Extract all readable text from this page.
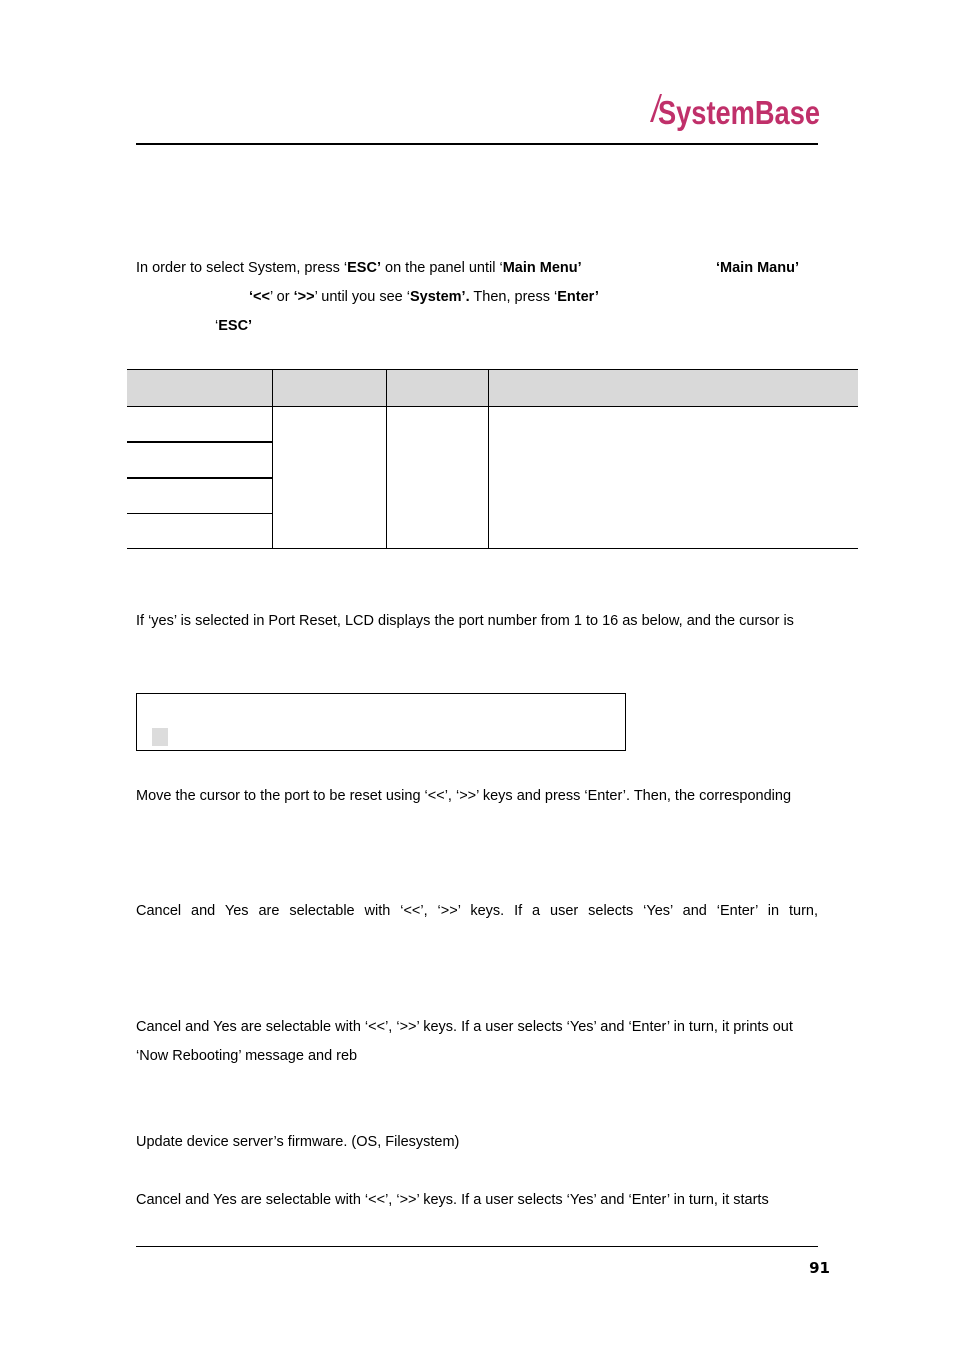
SystemBase
In order to select System, press ‘ESC’ on the panel until ‘Main Menu’	‘Main Manu’
‘<<’ or ‘>>’ until you see ‘System’. Then, press ‘Enter’
‘ESC’
If ‘yes’ is selected in Port Reset, LCD displays the port number from 1 to 16 as below, and the cursor is
Move the cursor to the port to be reset using ‘<<’, ‘>>’ keys and press ‘Enter’. Then, the corresponding
Cancel and Yes are selectable with ‘<<’, ‘>>’ keys. If a user selects ‘Yes’ and ‘Enter’ in turn,
Cancel and Yes are selectable with ‘<<’, ‘>>’ keys. If a user selects ‘Yes’ and ‘Enter’ in turn, it prints out
‘Now Rebooting’ message and reb
Update device server’s firmware. (OS, Filesystem)
Cancel and Yes are selectable with ‘<<’, ‘>>’ keys. If a user selects ‘Yes’ and ‘Enter’ in turn, it starts
91
